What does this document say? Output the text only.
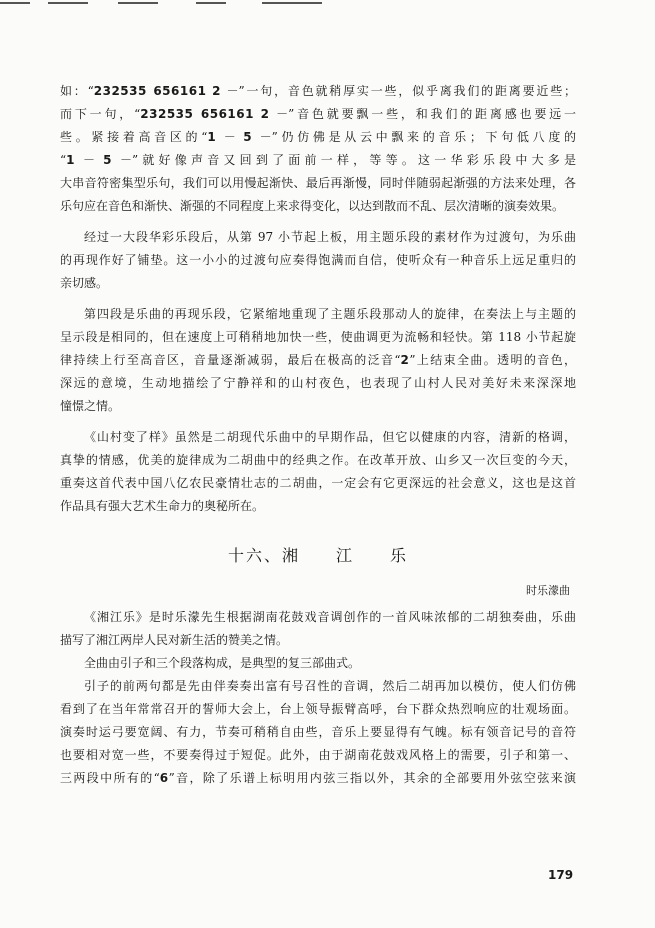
如：“232535 656161 2 －”一句，音色就稍厚实一些，似乎离我们的距离要近些；
而下一句，“232535 656161 2 －”音色就要飘一些，和我们的距离感也要远一
些。紧接着高音区的“1 － 5 －”仍仿佛是从云中飘来的音乐；下句低八度的
“1 － 5 －”就好像声音又回到了面前一样，等等。这一华彩乐段中大多是
大串音符密集型乐句，我们可以用慢起渐快、最后再渐慢，同时伴随弱起渐强的方法来处理，各
乐句应在音色和渐快、渐强的不同程度上来求得变化，以达到散而不乱、层次清晰的演奏效果。
经过一大段华彩乐段后，从第 97 小节起上板，用主题乐段的素材作为过渡句，为乐曲
的再现作好了铺垫。这一小小的过渡句应奏得饱满而自信，使听众有一种音乐上远足重归的
亲切感。
第四段是乐曲的再现乐段，它紧缩地重现了主题乐段那动人的旋律，在奏法上与主题的
呈示段是相同的，但在速度上可稍稍地加快一些，使曲调更为流畅和轻快。第 118 小节起旋
律持续上行至高音区，音量逐渐减弱，最后在极高的泛音“2”上结束全曲。透明的音色，
深远的意境，生动地描绘了宁静祥和的山村夜色，也表现了山村人民对美好未来深深地
憧憬之情。
《山村变了样》虽然是二胡现代乐曲中的早期作品，但它以健康的内容，清新的格调，
真挚的情感，优美的旋律成为二胡曲中的经典之作。在改革开放、山乡又一次巨变的今天，
重奏这首代表中国八亿农民豪情壮志的二胡曲，一定会有它更深远的社会意义，这也是这首
作品具有强大艺术生命力的奥秘所在。
十六、湘　　江　　乐
时乐濛曲
《湘江乐》是时乐濛先生根据湖南花鼓戏音调创作的一首风味浓郁的二胡独奏曲，乐曲
描写了湘江两岸人民对新生活的赞美之情。
全曲由引子和三个段落构成，是典型的复三部曲式。
引子的前两句都是先由伴奏奏出富有号召性的音调，然后二胡再加以模仿，使人们仿佛
看到了在当年常常召开的誓师大会上，台上领导振臂高呼，台下群众热烈响应的壮观场面。
演奏时运弓要宽阔、有力，节奏可稍稍自由些，音乐上要显得有气魄。标有领音记号的音符
也要相对宽一些，不要奏得过于短促。此外，由于湖南花鼓戏风格上的需要，引子和第一、
三两段中所有的“6”音，除了乐谱上标明用内弦三指以外，其余的全部要用外弦空弦来演
179
